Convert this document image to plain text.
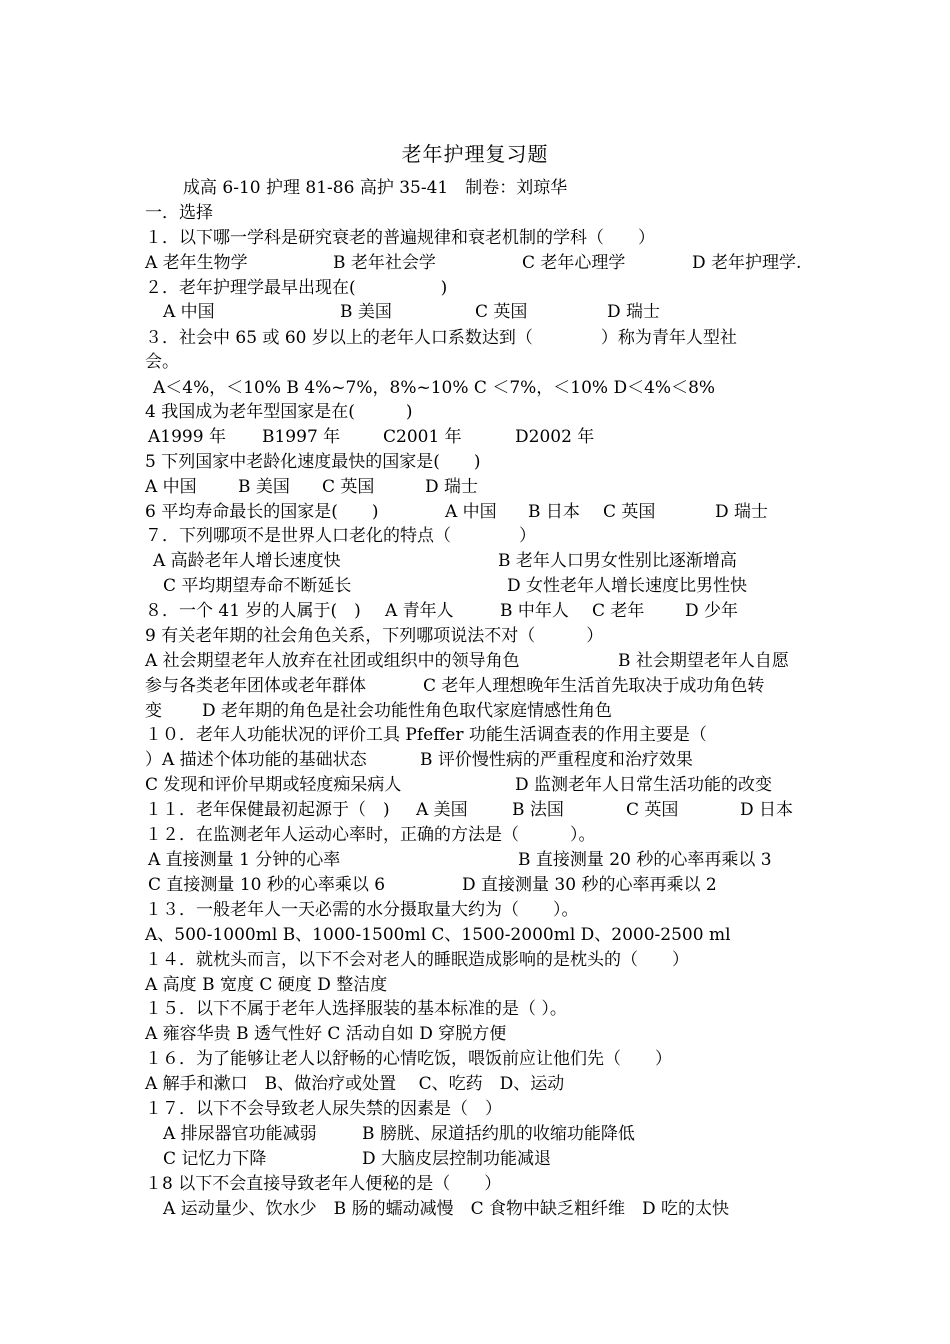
老年护理复习题
成高 6-10 护理 81-86 高护 35-41　制卷：刘琼华
一．选择
１．以下哪一学科是研究衰老的普遍规律和衰老机制的学科（　　）
A 老年生物学	B 老年社会学	C 老年心理学	D 老年护理学.
２．老年护理学最早出现在(　　　　　)
A 中国	B 美国	C 英国	D 瑞士
３．社会中 65 或 60 岁以上的老年人口系数达到（　　　　）称为青年人型社
会。
A＜4%，＜10% B 4%~7%，8%~10% C ＜7%，＜10% D＜4%＜8%
4 我国成为老年型国家是在(　　　)
A1999 年 B1997 年	C2001 年	D2002 年
5 下列国家中老龄化速度最快的国家是(　　)
A 中国 B 美国 C 英国	D 瑞士
6 平均寿命最长的国家是(　　)	A 中国 B 日本 C 英国	D 瑞士
７．下列哪项不是世界人口老化的特点（　　　　）
A 高龄老年人增长速度快	B 老年人口男女性别比逐渐增高
C 平均期望寿命不断延长	D 女性老年人增长速度比男性快
８．一个 41 岁的人属于(　) A 青年人	B 中年人 C 老年 D 少年
9 有关老年期的社会角色关系，下列哪项说法不对（　　　）
A 社会期望老年人放弃在社团或组织中的领导角色	B 社会期望老年人自愿
参与各类老年团体或老年群体	C 老年人理想晚年生活首先取决于成功角色转
变 D 老年期的角色是社会功能性角色取代家庭情感性角色
１０．老年人功能状况的评价工具 Pfeffer 功能生活调查表的作用主要是（
）A 描述个体功能的基础状态	B 评价慢性病的严重程度和治疗效果
C 发现和评价早期或轻度痴呆病人	D 监测老年人日常生活功能的改变
１１．老年保健最初起源于（　) A 美国	B 法国	C 英国	D 日本
１２．在监测老年人运动心率时，正确的方法是（　　　）。
A 直接测量 1 分钟的心率	B 直接测量 20 秒的心率再乘以 3
C 直接测量 10 秒的心率乘以 6	D 直接测量 30 秒的心率再乘以 2
１３．一般老年人一天必需的水分摄取量大约为（　　）。
A、500-1000ml B、1000-1500ml C、1500-2000ml D、2000-2500 ml
１４．就枕头而言，以下不会对老人的睡眠造成影响的是枕头的（　　）
A 高度 B 宽度 C 硬度 D 整洁度
１５．以下不属于老年人选择服装的基本标准的是（ ）。
A 雍容华贵 B 透气性好 C 活动自如 D 穿脱方便
１６．为了能够让老人以舒畅的心情吃饭，喂饭前应让他们先（　　）
A 解手和漱口　B、做治疗或处置　 C、吃药　D、运动
１７．以下不会导致老人尿失禁的因素是（　）
A 排尿器官功能减弱	B 膀胱、尿道括约肌的收缩功能降低
C 记忆力下降	D 大脑皮层控制功能减退
１8 以下不会直接导致老年人便秘的是（　　）
A 运动量少、饮水少　B 肠的蠕动减慢　C 食物中缺乏粗纤维　D 吃的太快
